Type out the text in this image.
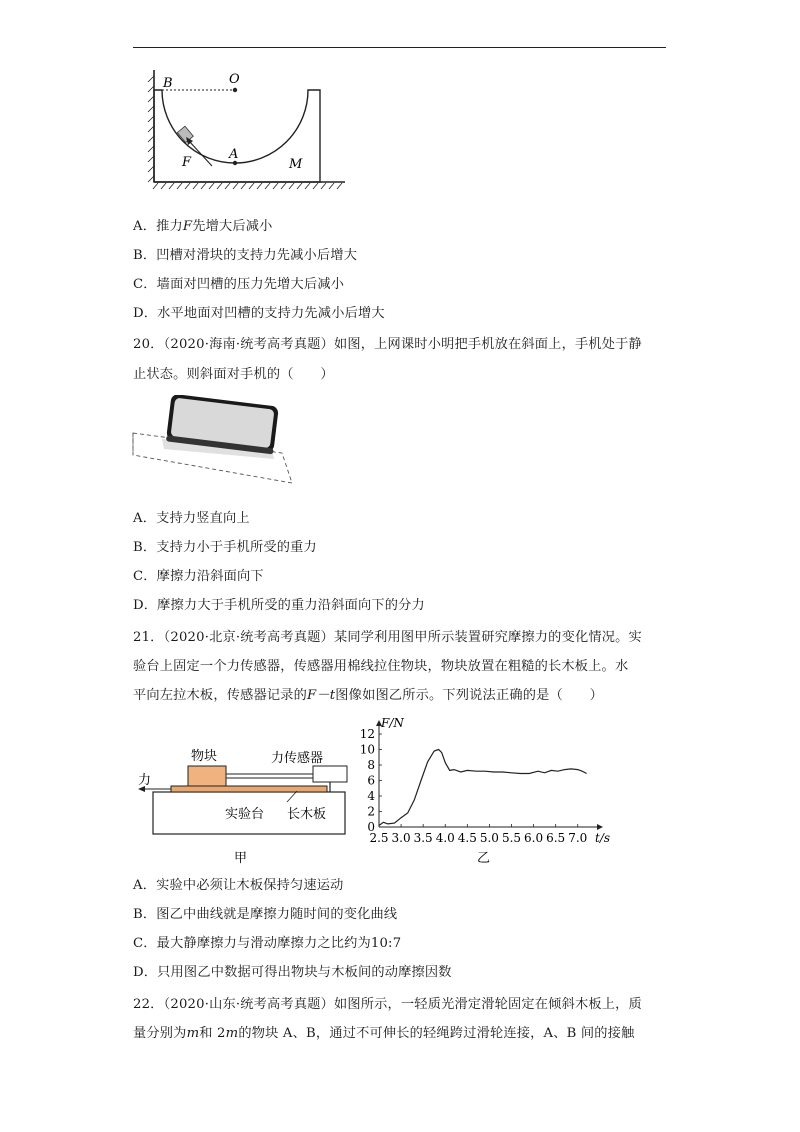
B	O
A
F	M
A．推力F先增大后减小
B．凹槽对滑块的支持力先减小后增大
C．墙面对凹槽的压力先增大后减小
D．水平地面对凹槽的支持力先减小后增大
20．（2020·海南·统考高考真题）如图，上网课时小明把手机放在斜面上，手机处于静
止状态。则斜面对手机的（　　）
A．支持力竖直向上
B．支持力小于手机所受的重力
C．摩擦力沿斜面向下
D．摩擦力大于手机所受的重力沿斜面向下的分力
21．（2020·北京·统考高考真题）某同学利用图甲所示装置研究摩擦力的变化情况。实
验台上固定一个力传感器，传感器用棉线拉住物块，物块放置在粗糙的长木板上。水
平向左拉木板，传感器记录的F－t图像如图乙所示。下列说法正确的是（　　）
物块	力传感器
力
实验台 长木板
甲
0
2
4
6
8
10
12
2.5 3.0 3.5 4.0 4.5 5.0 5.5 6.0 6.5 7.0
F/N
t/s
乙
A．实验中必须让木板保持匀速运动
B．图乙中曲线就是摩擦力随时间的变化曲线
C．最大静摩擦力与滑动摩擦力之比约为10:7
D．只用图乙中数据可得出物块与木板间的动摩擦因数
22．（2020·山东·统考高考真题）如图所示，一轻质光滑定滑轮固定在倾斜木板上，质
量分别为m和 2m的物块 A、B，通过不可伸长的轻绳跨过滑轮连接，A、B 间的接触
